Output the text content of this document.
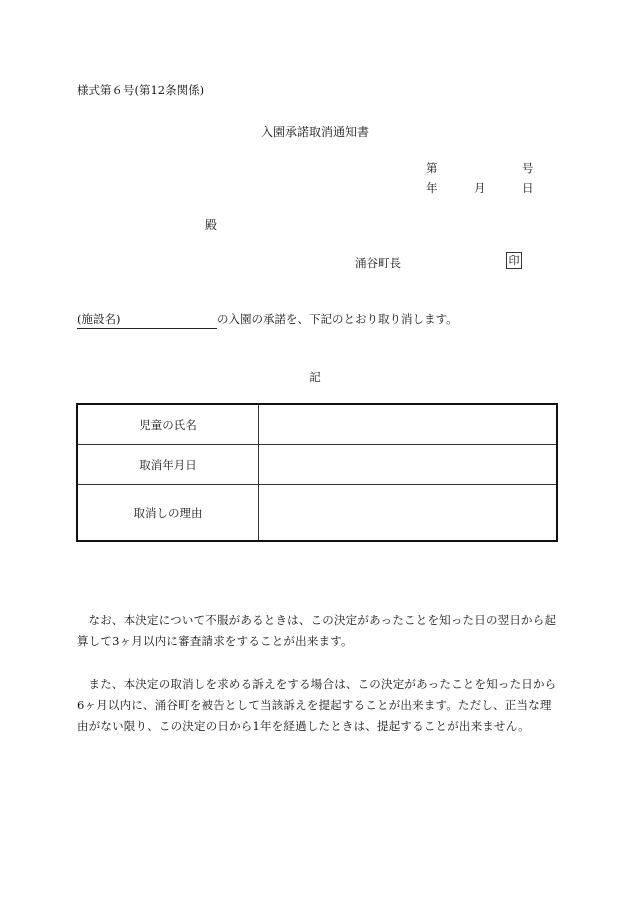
様式第６号(第12条関係)
入園承諾取消通知書
第	号
年	月	日
殿
涌谷町長	印
(施設名)	の入園の承諾を、下記のとおり取り消します。
記
児童の氏名	
取消年月日	
取消しの理由	
なお、本決定について不服があるときは、この決定があったことを知った日の翌日から起算して3ヶ月以内に審査請求をすることが出来ます。
また、本決定の取消しを求める訴えをする場合は、この決定があったことを知った日から6ヶ月以内に、涌谷町を被告として当該訴えを提起することが出来ます。ただし、正当な理由がない限り、この決定の日から1年を経過したときは、提起することが出来ません。
